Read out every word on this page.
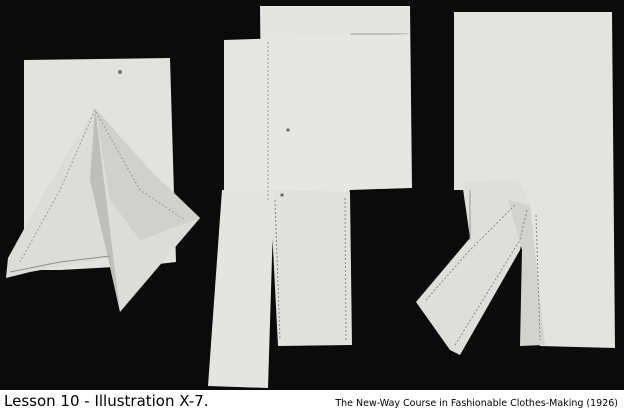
Lesson 10 - Illustration X-7.	The New-Way Course in Fashionable Clothes-Making (1926)
